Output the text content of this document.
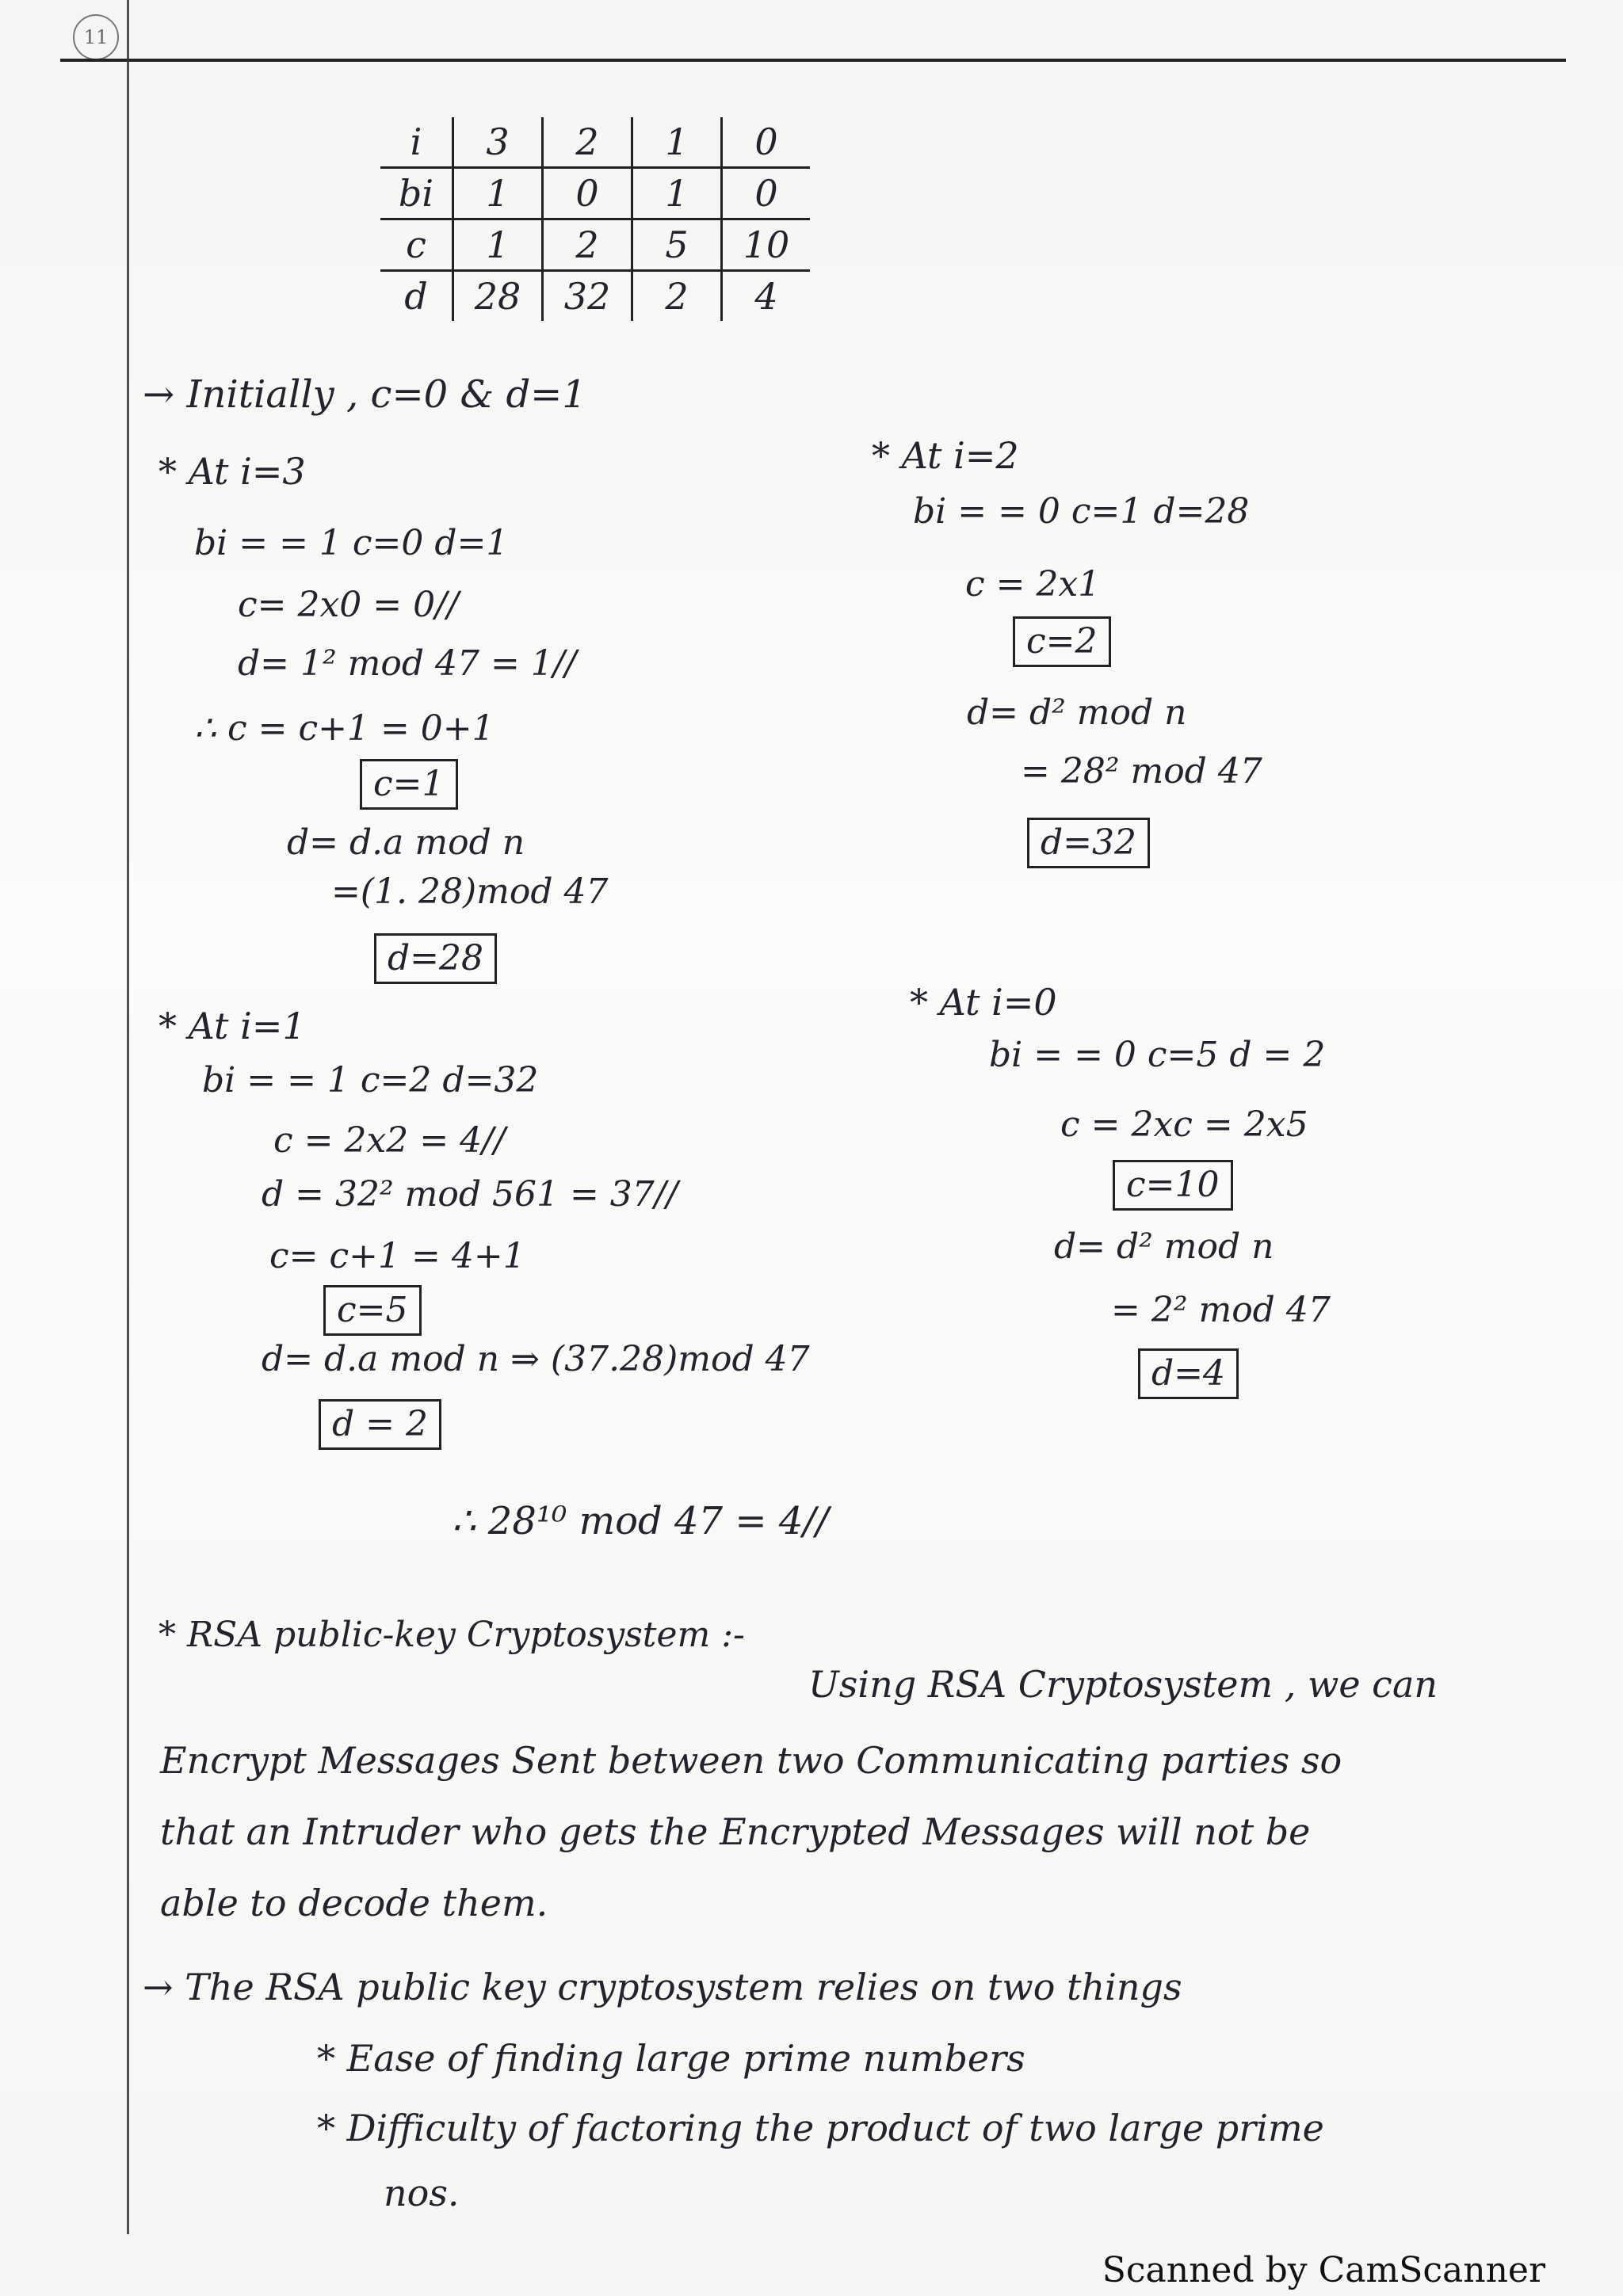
11
i	3	2	1	0
bi	1	0	1	0
c	1	2	5	10
d	28	32	2	4
→ Initially , c=0 & d=1
* At i=3
bi = = 1 c=0 d=1
c= 2x0 = 0//
d= 1² mod 47 = 1//
∴ c = c+1 = 0+1
c=1
d= d.a mod n
=(1. 28)mod 47
d=28
* At i=2
bi = = 0 c=1 d=28
c = 2x1
c=2
d= d² mod n
= 28² mod 47
d=32
* At i=1
bi = = 1 c=2 d=32
c = 2x2 = 4//
d = 32² mod 561 = 37//
c= c+1 = 4+1
c=5
d= d.a mod n ⇒ (37.28)mod 47
d = 2
* At i=0
bi = = 0 c=5 d = 2
c = 2xc = 2x5
c=10
d= d² mod n
= 2² mod 47
d=4
∴ 28¹⁰ mod 47 = 4//
* RSA public-key Cryptosystem :-
Using RSA Cryptosystem , we can
Encrypt Messages Sent between two Communicating parties so
that an Intruder who gets the Encrypted Messages will not be
able to decode them.
→ The RSA public key cryptosystem relies on two things
* Ease of finding large prime numbers
* Difficulty of factoring the product of two large prime
nos.
Scanned by CamScanner
